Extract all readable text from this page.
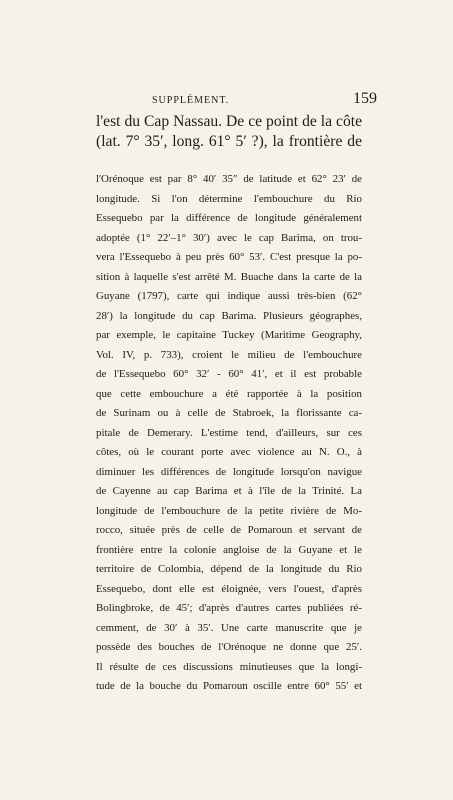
SUPPLÉMENT.	159
l'est du Cap Nassau. De ce point de la côte
(lat. 7° 35′, long. 61° 5′ ?), la frontière de
l'Orénoque est par 8° 40′ 35″ de latitude et 62° 23′ de
longitude. Si l'on détermine l'embouchure du Rio
Essequebo par la différence de longitude généralement
adoptée (1° 22′–1° 30′) avec le cap Barima, on trou-
vera l'Essequebo à peu près 60° 53′. C'est presque la po-
sition à laquelle s'est arrêté M. Buache dans la carte de la
Guyane (1797), carte qui indique aussi très-bien (62°
28′) la longitude du cap Barima. Plusieurs géographes,
par exemple, le capitaine Tuckey (Maritime Geography,
Vol. IV, p. 733), croient le milieu de l'embouchure
de l'Essequebo 60° 32′ - 60° 41′, et il est probable
que cette embouchure a été rapportée à la position
de Surinam ou à celle de Stabroek, la florissante ca-
pitale de Demerary. L'estime tend, d'ailleurs, sur ces
côtes, où le courant porte avec violence au N. O., à
diminuer les différences de longitude lorsqu'on navigue
de Cayenne au cap Barima et à l'île de la Trinité. La
longitude de l'embouchure de la petite rivière de Mo-
rocco, située près de celle de Pomaroun et servant de
frontière entre la colonie angloise de la Guyane et le
territoire de Colombia, dépend de la longitude du Rio
Essequebo, dont elle est éloignée, vers l'ouest, d'après
Bolingbroke, de 45′; d'après d'autres cartes publiées ré-
cemment, de 30′ à 35′. Une carte manuscrite que je
possède des bouches de l'Orénoque ne donne que 25′.
Il résulte de ces discussions minutieuses que la longi-
tude de la bouche du Pomaroun oscille entre 60° 55′ et
